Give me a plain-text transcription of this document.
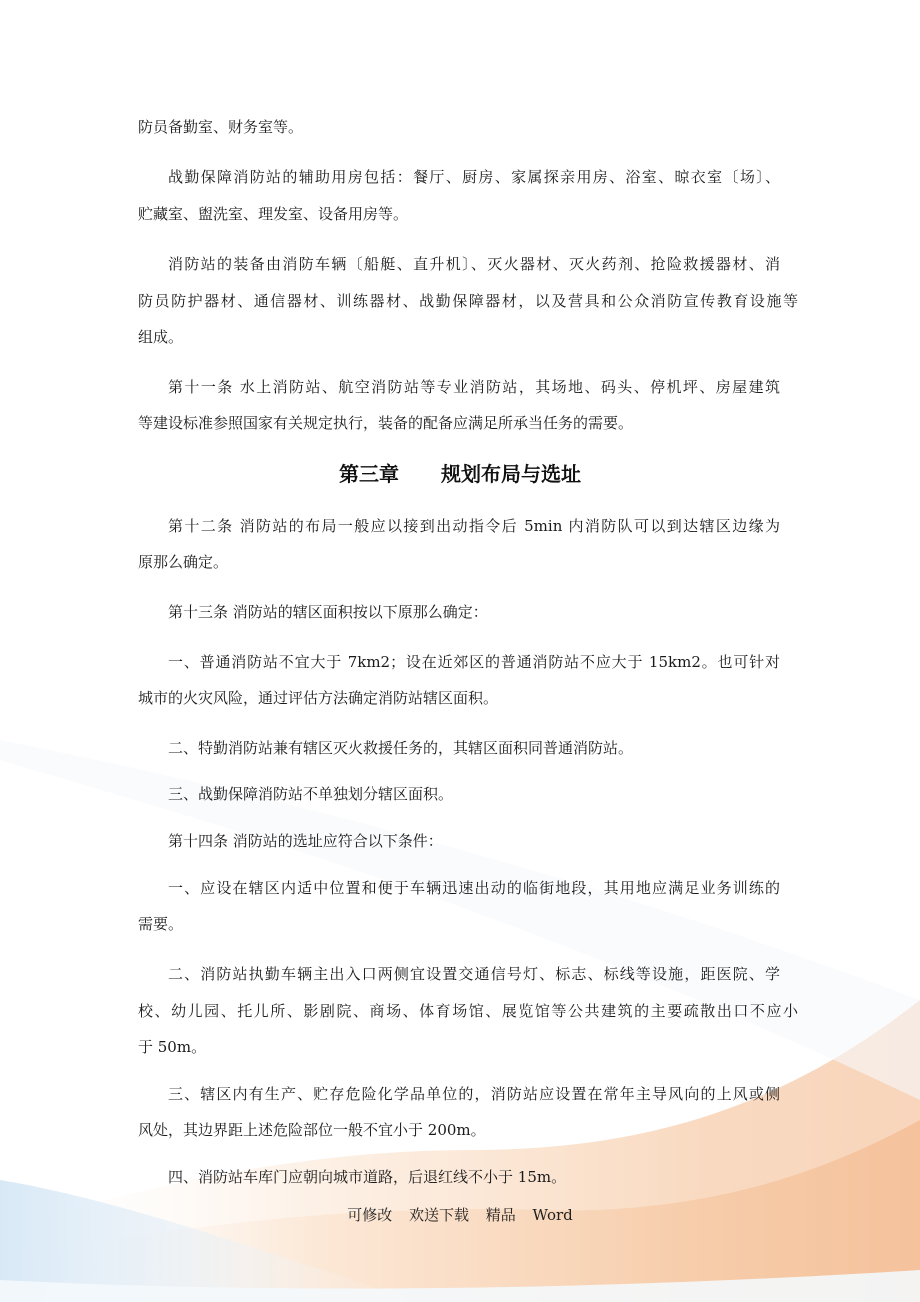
防员备勤室、财务室等。
战勤保障消防站的辅助用房包括：餐厅、厨房、家属探亲用房、浴室、晾衣室〔场〕、
贮藏室、盥洗室、理发室、设备用房等。
消防站的装备由消防车辆〔船艇、直升机〕、灭火器材、灭火药剂、抢险救援器材、消
防员防护器材、通信器材、训练器材、战勤保障器材，以及营具和公众消防宣传教育设施等
组成。
第十一条 水上消防站、航空消防站等专业消防站，其场地、码头、停机坪、房屋建筑
等建设标准参照国家有关规定执行，装备的配备应满足所承当任务的需要。
第三章 规划布局与选址
第十二条 消防站的布局一般应以接到出动指令后 5min 内消防队可以到达辖区边缘为
原那么确定。
第十三条 消防站的辖区面积按以下原那么确定：
一、普通消防站不宜大于 7km2；设在近郊区的普通消防站不应大于 15km2。也可针对
城市的火灾风险，通过评估方法确定消防站辖区面积。
二、特勤消防站兼有辖区灭火救援任务的，其辖区面积同普通消防站。
三、战勤保障消防站不单独划分辖区面积。
第十四条 消防站的选址应符合以下条件：
一、应设在辖区内适中位置和便于车辆迅速出动的临街地段，其用地应满足业务训练的
需要。
二、消防站执勤车辆主出入口两侧宜设置交通信号灯、标志、标线等设施，距医院、学
校、幼儿园、托儿所、影剧院、商场、体育场馆、展览馆等公共建筑的主要疏散出口不应小
于 50m。
三、辖区内有生产、贮存危险化学品单位的，消防站应设置在常年主导风向的上风或侧
风处，其边界距上述危险部位一般不宜小于 200m。
四、消防站车库门应朝向城市道路，后退红线不小于 15m。
可修改 欢送下载 精品 Word
